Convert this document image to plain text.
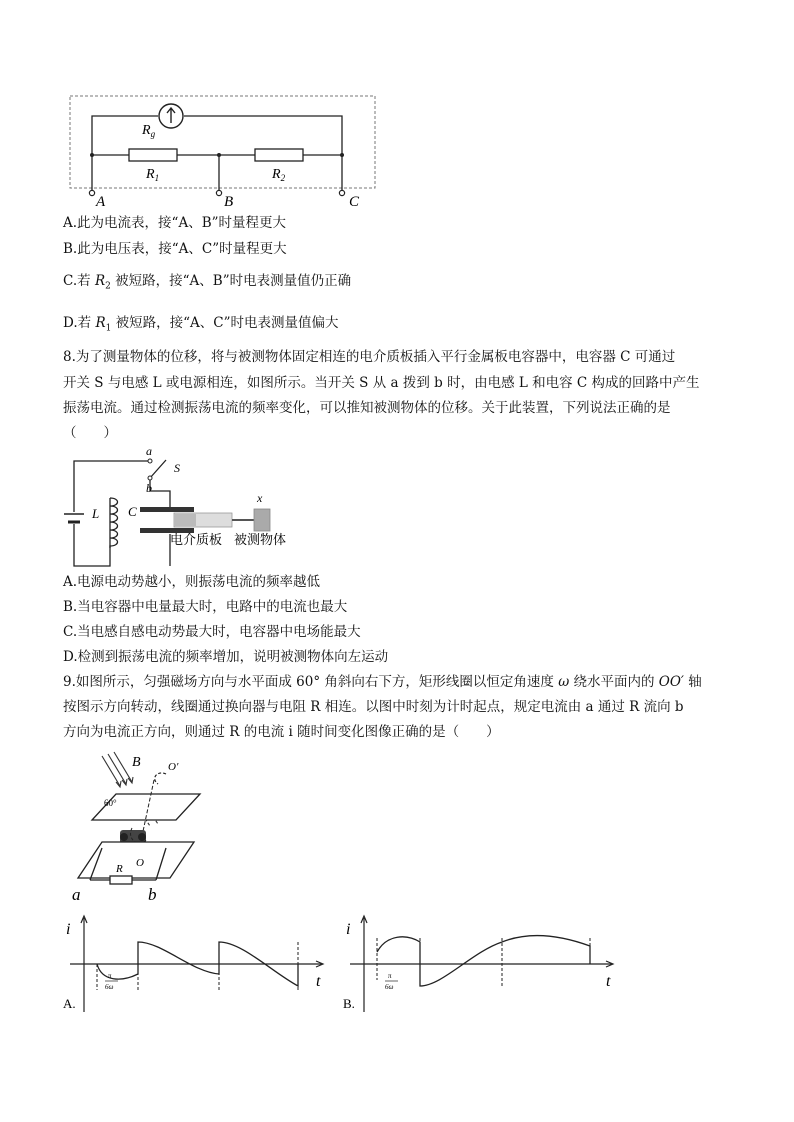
$R_g$
$R_1$	$R_2$
A	B	C
A.此为电流表，接“A、B”时量程更大
B.此为电压表，接“A、C”时量程更大
C.若 $R_2$ 被短路，接“A、B”时电表测量值仍正确
D.若 $R_1$ 被短路，接“A、C”时电表测量值偏大
8.为了测量物体的位移，将与被测物体固定相连的电介质板插入平行金属板电容器中，电容器 C 可通过
开关 S 与电感 L 或电源相连，如图所示。当开关 S 从 a 拨到 b 时，由电感 L 和电容 C 构成的回路中产生
振荡电流。通过检测振荡电流的频率变化，可以推知被测物体的位移。关于此装置，下列说法正确的是
（　　）
a
S
b
L C
x
电介质板 被测物体
A.电源电动势越小，则振荡电流的频率越低
B.当电容器中电量最大时，电路中的电流也最大
C.当电感自感电动势最大时，电容器中电场能最大
D.检测到振荡电流的频率增加，说明被测物体向左运动
9.如图所示，匀强磁场方向与水平面成 60° 角斜向右下方，矩形线圈以恒定角速度 ω 绕水平面内的 OO′ 轴
按图示方向转动，线圈通过换向器与电阻 R 相连。以图中时刻为计时起点，规定电流由 a 通过 R 流向 b
方向为电流正方向，则通过 R 的电流 i 随时间变化图像正确的是（　　）
B O′
60°
O
R
a	b
i
t
π
6ω
A.
i
t
π
6ω
B.
